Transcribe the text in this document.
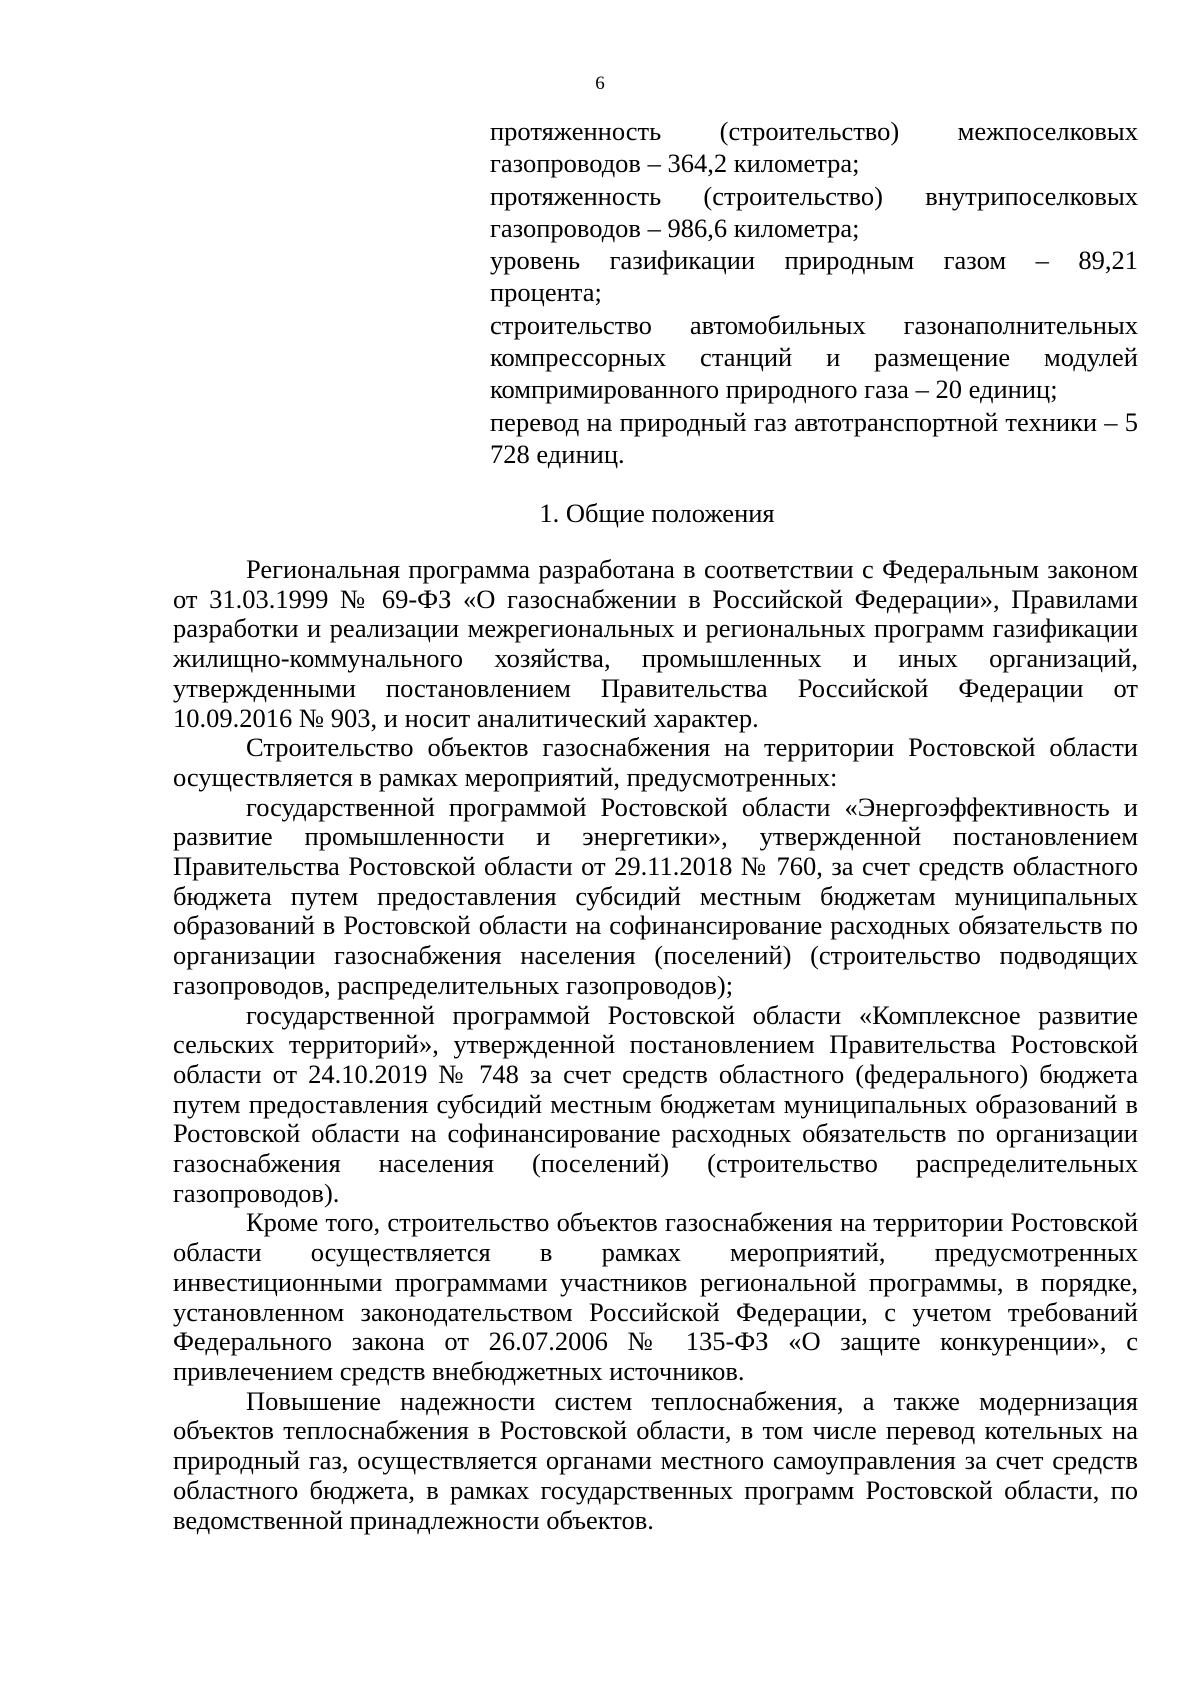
6

протяженность (строительство) межпоселковых газопроводов – 364,2 километра;

протяженность (строительство) внутрипоселковых газопроводов – 986,6 километра;

уровень газификации природным газом – 89,21 процента;

строительство автомобильных газонаполнительных компрессорных станций и размещение модулей компримированного природного газа – 20 единиц;

перевод на природный газ автотранспортной техники – 5 728 единиц.

1. Общие положения

Региональная программа разработана в соответствии с Федеральным законом от 31.03.1999 № 69-ФЗ «О газоснабжении в Российской Федерации», Правилами разработки и реализации межрегиональных и региональных программ газификации жилищно-коммунального хозяйства, промышленных и иных организаций, утвержденными постановлением Правительства Российской Федерации от 10.09.2016 № 903, и носит аналитический характер.

Строительство объектов газоснабжения на территории Ростовской области осуществляется в рамках мероприятий, предусмотренных:

государственной программой Ростовской области «Энергоэффективность и развитие промышленности и энергетики», утвержденной постановлением Правительства Ростовской области от 29.11.2018 № 760, за счет средств областного бюджета путем предоставления субсидий местным бюджетам муниципальных образований в Ростовской области на софинансирование расходных обязательств по организации газоснабжения населения (поселений) (строительство подводящих газопроводов, распределительных газопроводов);

государственной программой Ростовской области «Комплексное развитие сельских территорий», утвержденной постановлением Правительства Ростовской области от 24.10.2019 № 748 за счет средств областного (федерального) бюджета путем предоставления субсидий местным бюджетам муниципальных образований в Ростовской области на софинансирование расходных обязательств по организации газоснабжения населения (поселений) (строительство распределительных газопроводов).

Кроме того, строительство объектов газоснабжения на территории Ростовской области осуществляется в рамках мероприятий, предусмотренных инвестиционными программами участников региональной программы, в порядке, установленном законодательством Российской Федерации, с учетом требований Федерального закона от 26.07.2006 № 135-ФЗ «О защите конкуренции», с привлечением средств внебюджетных источников.

Повышение надежности систем теплоснабжения, а также модернизация объектов теплоснабжения в Ростовской области, в том числе перевод котельных на природный газ, осуществляется органами местного самоуправления за счет средств областного бюджета, в рамках государственных программ Ростовской области, по ведомственной принадлежности объектов.
